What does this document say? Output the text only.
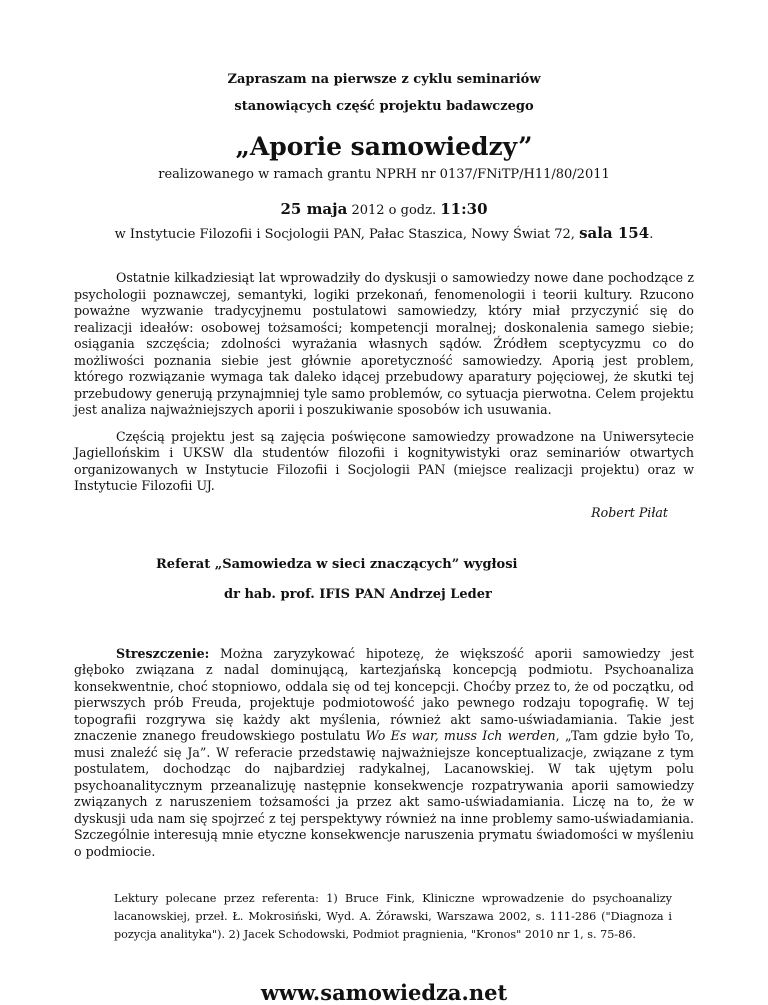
Zapraszam na pierwsze z cyklu seminariów
stanowiących część projektu badawczego
„Aporie samowiedzy”
realizowanego w ramach grantu NPRH nr 0137/FNiTP/H11/80/2011
25 maja 2012 o godz. 11:30
w Instytucie Filozofii i Socjologii PAN, Pałac Staszica, Nowy Świat 72, sala 154.

Ostatnie kilkadziesiąt lat wprowadziły do dyskusji o samowiedzy nowe dane pochodzące z psychologii poznawczej, semantyki, logiki przekonań, fenomenologii i teorii kultury. Rzucono poważne wyzwanie tradycyjnemu postulatowi samowiedzy, który miał przyczynić się do realizacji ideałów: osobowej tożsamości; kompetencji moralnej; doskonalenia samego siebie; osiągania szczęścia; zdolności wyrażania własnych sądów. Źródłem sceptycyzmu co do możliwości poznania siebie jest głównie aporetyczność samowiedzy. Aporią jest problem, którego rozwiązanie wymaga tak daleko idącej przebudowy aparatury pojęciowej, że skutki tej przebudowy generują przynajmniej tyle samo problemów, co sytuacja pierwotna. Celem projektu jest analiza najważniejszych aporii i poszukiwanie sposobów ich usuwania.

Częścią projektu jest są zajęcia poświęcone samowiedzy prowadzone na Uniwersytecie Jagiellońskim i UKSW dla studentów filozofii i kognitywistyki oraz seminariów otwartych organizowanych w Instytucie Filozofii i Socjologii PAN (miejsce realizacji projektu) oraz w Instytucie Filozofii UJ.

Robert Piłat
Referat „Samowiedza w sieci znaczących” wygłosi
dr hab. prof. IFIS PAN Andrzej Leder

Streszczenie: Można zaryzykować hipotezę, że większość aporii samowiedzy jest głęboko związana z nadal dominującą, kartezjańską koncepcją podmiotu. Psychoanaliza konsekwentnie, choć stopniowo, oddala się od tej koncepcji. Choćby przez to, że od początku, od pierwszych prób Freuda, projektuje podmiotowość jako pewnego rodzaju topografię. W tej topografii rozgrywa się każdy akt myślenia, również akt samo-uświadamiania. Takie jest znaczenie znanego freudowskiego postulatu Wo Es war, muss Ich werden, „Tam gdzie było To, musi znaleźć się Ja”. W referacie przedstawię najważniejsze konceptualizacje, związane z tym postulatem, dochodząc do najbardziej radykalnej, Lacanowskiej. W tak ujętym polu psychoanalitycznym przeanalizuję następnie konsekwencje rozpatrywania aporii samowiedzy związanych z naruszeniem tożsamości ja przez akt samo-uświadamiania. Liczę na to, że w dyskusji uda nam się spojrzeć z tej perspektywy również na inne problemy samo-uświadamiania. Szczególnie interesują mnie etyczne konsekwencje naruszenia prymatu świadomości w myśleniu o podmiocie.

Lektury polecane przez referenta: 1) Bruce Fink, Kliniczne wprowadzenie do psychoanalizy lacanowskiej, przeł. Ł. Mokrosiński, Wyd. A. Żórawski, Warszawa 2002, s. 111-286 ("Diagnoza i pozycja analityka"). 2) Jacek Schodowski, Podmiot pragnienia, "Kronos" 2010 nr 1, s. 75-86.
www.samowiedza.net
